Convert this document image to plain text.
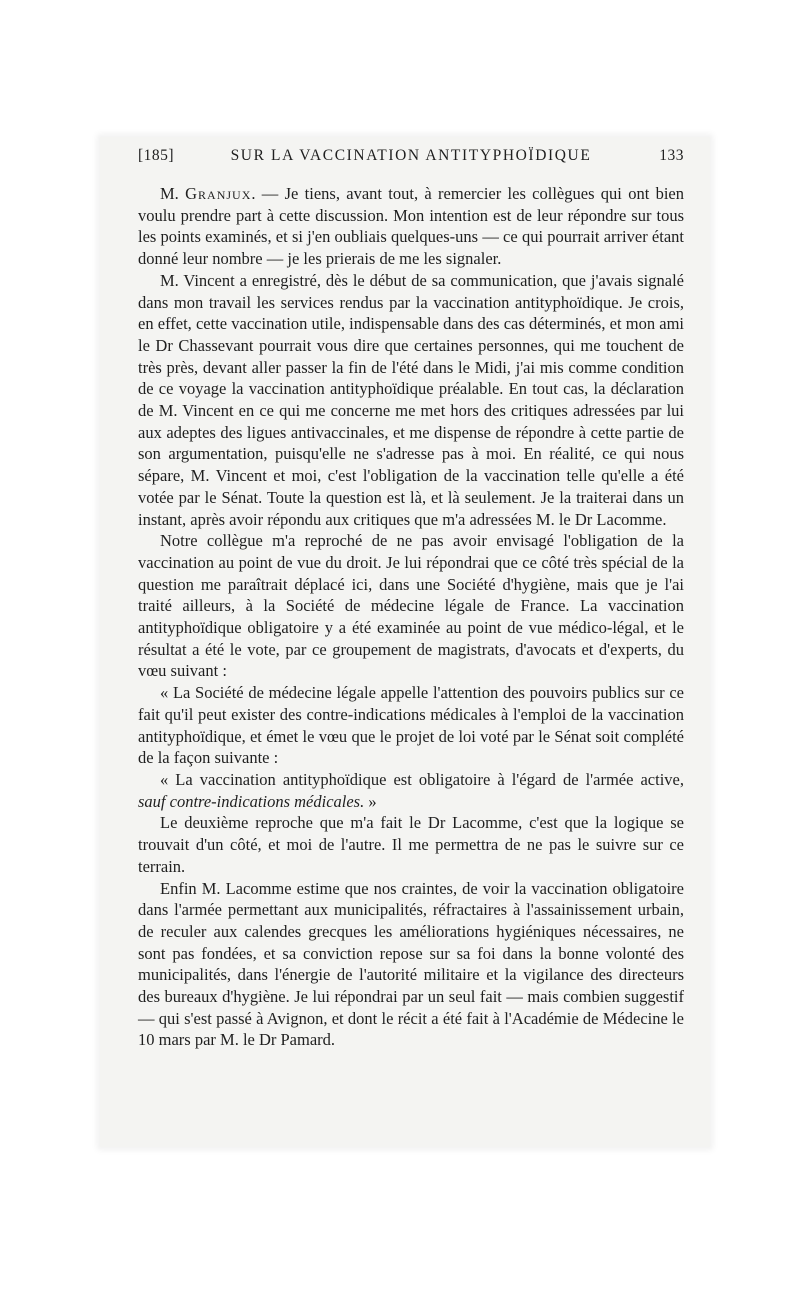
[185]	SUR LA VACCINATION ANTITYPHOÏDIQUE	133

M. Granjux. — Je tiens, avant tout, à remercier les collègues qui ont bien voulu prendre part à cette discussion. Mon intention est de leur répondre sur tous les points examinés, et si j'en oubliais quelques-uns — ce qui pourrait arriver étant donné leur nombre — je les prierais de me les signaler.

M. Vincent a enregistré, dès le début de sa communication, que j'avais signalé dans mon travail les services rendus par la vaccination antityphoïdique. Je crois, en effet, cette vaccination utile, indispensable dans des cas déterminés, et mon ami le Dr Chassevant pourrait vous dire que certaines personnes, qui me touchent de très près, devant aller passer la fin de l'été dans le Midi, j'ai mis comme condition de ce voyage la vaccination antityphoïdique préalable. En tout cas, la déclaration de M. Vincent en ce qui me concerne me met hors des critiques adressées par lui aux adeptes des ligues antivaccinales, et me dispense de répondre à cette partie de son argumentation, puisqu'elle ne s'adresse pas à moi. En réalité, ce qui nous sépare, M. Vincent et moi, c'est l'obligation de la vaccination telle qu'elle a été votée par le Sénat. Toute la question est là, et là seulement. Je la traiterai dans un instant, après avoir répondu aux critiques que m'a adressées M. le Dr Lacomme.

Notre collègue m'a reproché de ne pas avoir envisagé l'obligation de la vaccination au point de vue du droit. Je lui répondrai que ce côté très spécial de la question me paraîtrait déplacé ici, dans une Société d'hygiène, mais que je l'ai traité ailleurs, à la Société de médecine légale de France. La vaccination antityphoïdique obligatoire y a été examinée au point de vue médico-légal, et le résultat a été le vote, par ce groupement de magistrats, d'avocats et d'experts, du vœu suivant :

« La Société de médecine légale appelle l'attention des pouvoirs publics sur ce fait qu'il peut exister des contre-indications médicales à l'emploi de la vaccination antityphoïdique, et émet le vœu que le projet de loi voté par le Sénat soit complété de la façon suivante :

« La vaccination antityphoïdique est obligatoire à l'égard de l'armée active, sauf contre-indications médicales. »

Le deuxième reproche que m'a fait le Dr Lacomme, c'est que la logique se trouvait d'un côté, et moi de l'autre. Il me permettra de ne pas le suivre sur ce terrain.

Enfin M. Lacomme estime que nos craintes, de voir la vaccination obligatoire dans l'armée permettant aux municipalités, réfractaires à l'assainissement urbain, de reculer aux calendes grecques les améliorations hygiéniques nécessaires, ne sont pas fondées, et sa conviction repose sur sa foi dans la bonne volonté des municipalités, dans l'énergie de l'autorité militaire et la vigilance des directeurs des bureaux d'hygiène. Je lui répondrai par un seul fait — mais combien suggestif — qui s'est passé à Avignon, et dont le récit a été fait à l'Académie de Médecine le 10 mars par M. le Dr Pamard.
